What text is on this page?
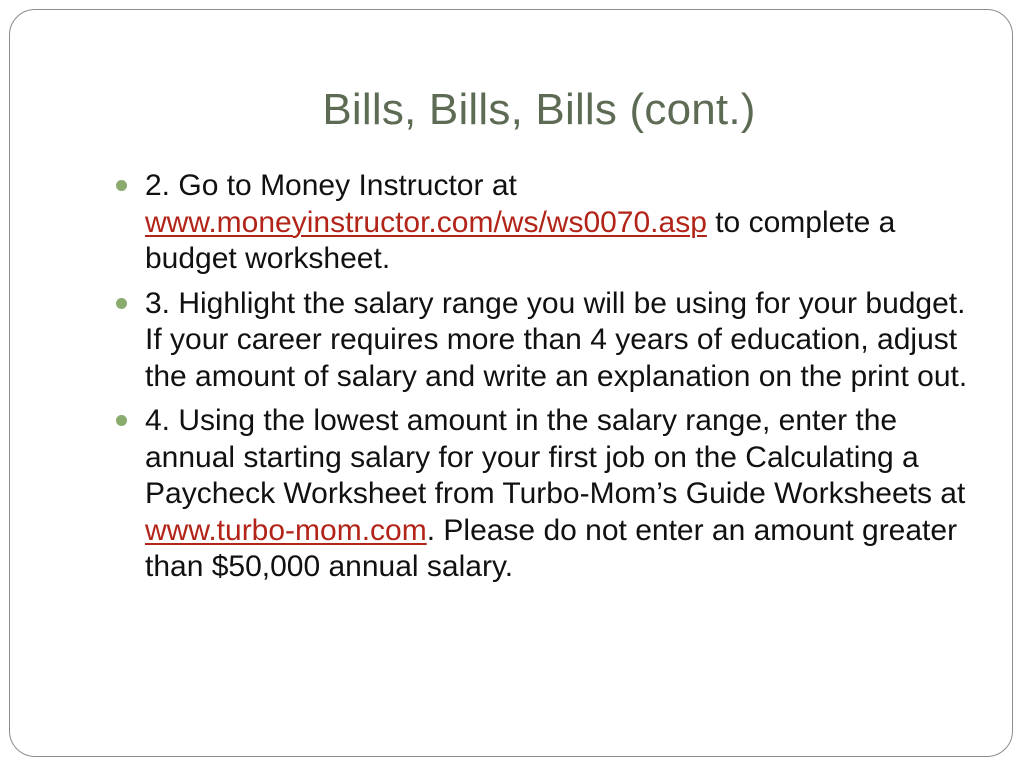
Bills, Bills, Bills (cont.)
2. Go to Money Instructor at
www.moneyinstructor.com/ws/ws0070.asp to complete a budget worksheet.
3. Highlight the salary range you will be using for your budget. If your career requires more than 4 years of education, adjust the amount of salary and write an explanation on the print out.
4. Using the lowest amount in the salary range, enter the annual starting salary for your first job on the Calculating a Paycheck Worksheet from Turbo-Mom’s Guide Worksheets at www.turbo-mom.com. Please do not enter an amount greater than $50,000 annual salary.
